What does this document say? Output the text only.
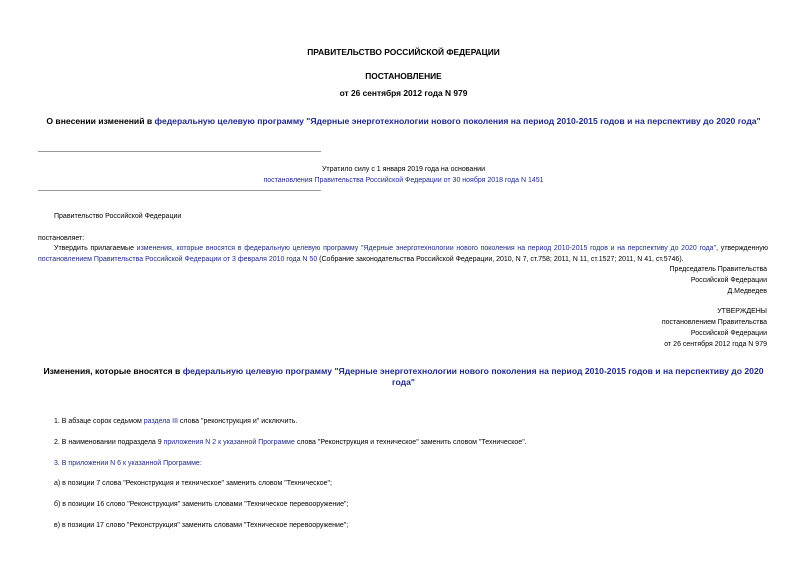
ПРАВИТЕЛЬСТВО РОССИЙСКОЙ ФЕДЕРАЦИИ
ПОСТАНОВЛЕНИЕ
от 26 сентября 2012 года N 979
О внесении изменений в федеральную целевую программу "Ядерные энерготехнологии нового поколения на период 2010-2015 годов и на перспективу до 2020 года"
Утратило силу с 1 января 2019 года на основании
постановления Правительства Российской Федерации от 30 ноября 2018 года N 1451
Правительство Российской Федерации
постановляет:
Утвердить прилагаемые изменения, которые вносятся в федеральную целевую программу "Ядерные энерготехнологии нового поколения на период 2010-2015 годов и на перспективу до 2020 года", утвержденную постановлением Правительства Российской Федерации от 3 февраля 2010 года N 50 (Собрание законодательства Российской Федерации, 2010, N 7, ст.758; 2011, N 11, ст.1527; 2011, N 41, ст.5746).
Председатель Правительства
Российской Федерации
Д.Медведев
УТВЕРЖДЕНЫ
постановлением Правительства
Российской Федерации
от 26 сентября 2012 года N 979
Изменения, которые вносятся в федеральную целевую программу "Ядерные энерготехнологии нового поколения на период 2010-2015 годов и на перспективу до 2020 года"
1. В абзаце сорок седьмом раздела III слова "реконструкция и" исключить.
2. В наименовании подраздела 9 приложения N 2 к указанной Программе слова "Реконструкция и техническое" заменить словом "Техническое".
3. В приложении N 6 к указанной Программе:
а) в позиции 7 слова "Реконструкция и техническое" заменить словом "Техническое";
б) в позиции 16 слово "Реконструкция" заменить словами "Техническое перевооружение";
в) в позиции 17 слово "Реконструкция" заменить словами "Техническое перевооружение";
